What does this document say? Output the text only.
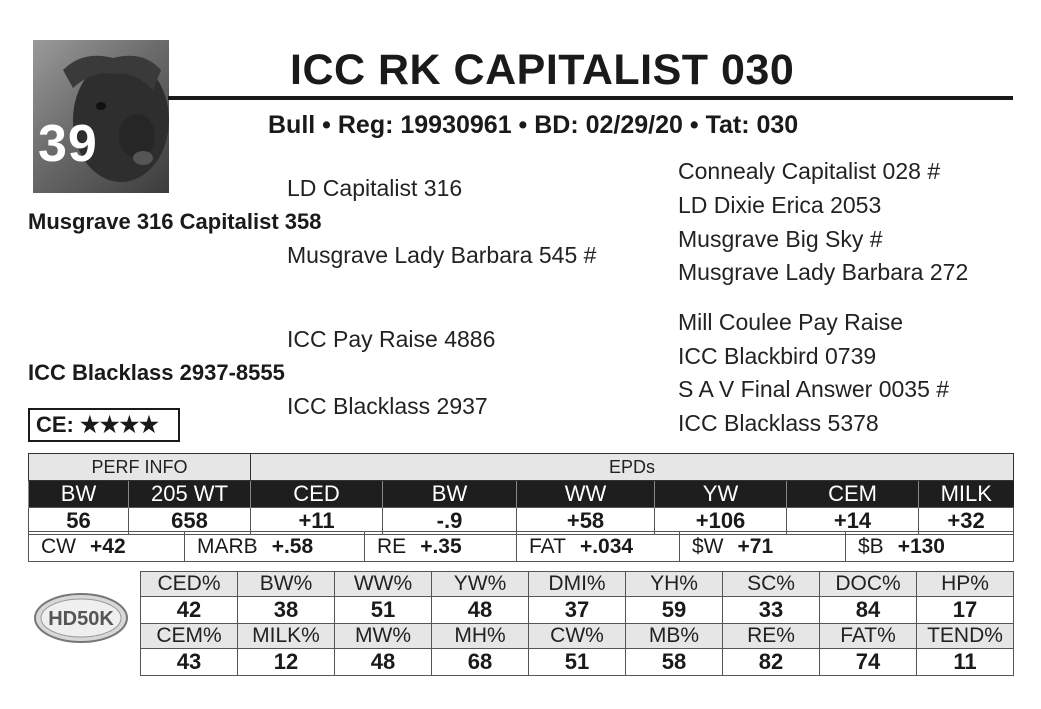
39
ICC RK CAPITALIST 030
Bull • Reg: 19930961 • BD: 02/29/20 • Tat: 030
Connealy Capitalist 028 #
LD Capitalist 316
LD Dixie Erica 2053
Musgrave 316 Capitalist 358
Musgrave Big Sky #
Musgrave Lady Barbara 545 #
Musgrave Lady Barbara 272
Mill Coulee Pay Raise
ICC Pay Raise 4886
ICC Blackbird 0739
ICC Blacklass 2937-8555
S A V Final Answer 0035 #
ICC Blacklass 2937
ICC Blacklass 5378
CE: ★★★★
PERF INFO		EPDs					
BW	205 WT	CED	BW	WW	YW	CEM	MILK
56	658	+11	-.9	+58	+106	+14	+32
CW +42	MARB +.58	RE +.35	FAT +.034	$W +71	$B +130
HD50K
CED%	BW%	WW%	YW%	DMI%	YH%	SC%	DOC%	HP%
42	38	51	48	37	59	33	84	17
CEM%	MILK%	MW%	MH%	CW%	MB%	RE%	FAT%	TEND%
43	12	48	68	51	58	82	74	11
